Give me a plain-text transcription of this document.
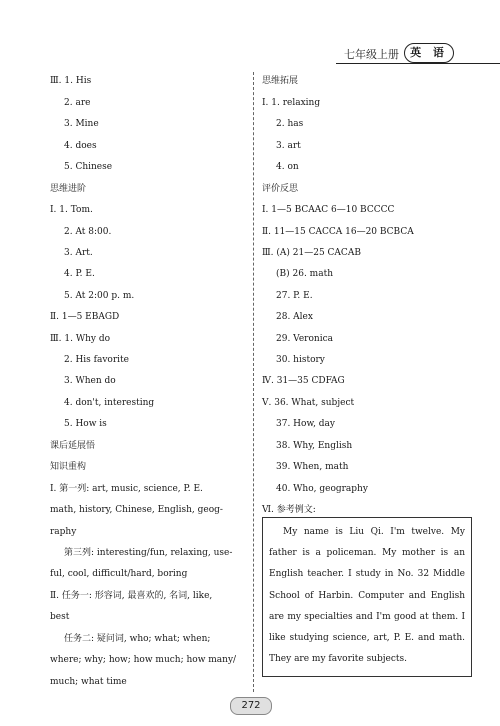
七年级上册	英 语
Ⅲ. 1. His
2. are
3. Mine
4. does
5. Chinese
思维进阶
Ⅰ. 1. Tom.
2. At 8:00.
3. Art.
4. P. E.
5. At 2:00 p. m.
Ⅱ. 1—5 EBAGD
Ⅲ. 1. Why do
2. His favorite
3. When do
4. don't, interesting
5. How is
课后延展悟
知识重构
Ⅰ. 第一列: art, music, science, P. E.
math, history, Chinese, English, geog-
raphy
第三列: interesting/fun, relaxing, use-
ful, cool, difficult/hard, boring
Ⅱ. 任务一: 形容词, 最喜欢的, 名词, like,
best
任务二: 疑问词, who; what; when;
where; why; how; how much; how many/
much; what time
思维拓展
Ⅰ. 1. relaxing
2. has
3. art
4. on
评价反思
Ⅰ. 1—5 BCAAC 6—10 BCCCC
Ⅱ. 11—15 CACCA 16—20 BCBCA
Ⅲ. (A) 21—25 CACAB
(B) 26. math
27. P. E.
28. Alex
29. Veronica
30. history
Ⅳ. 31—35 CDFAG
Ⅴ. 36. What, subject
37. How, day
38. Why, English
39. When, math
40. Who, geography
Ⅵ. 参考例文:

My name is Liu Qi. I'm twelve. My father is a policeman. My mother is an English teacher. I study in No. 32 Middle School of Harbin. Computer and English are my specialties and I'm good at them. I like studying science, art, P. E. and math. They are my favorite subjects.

272
